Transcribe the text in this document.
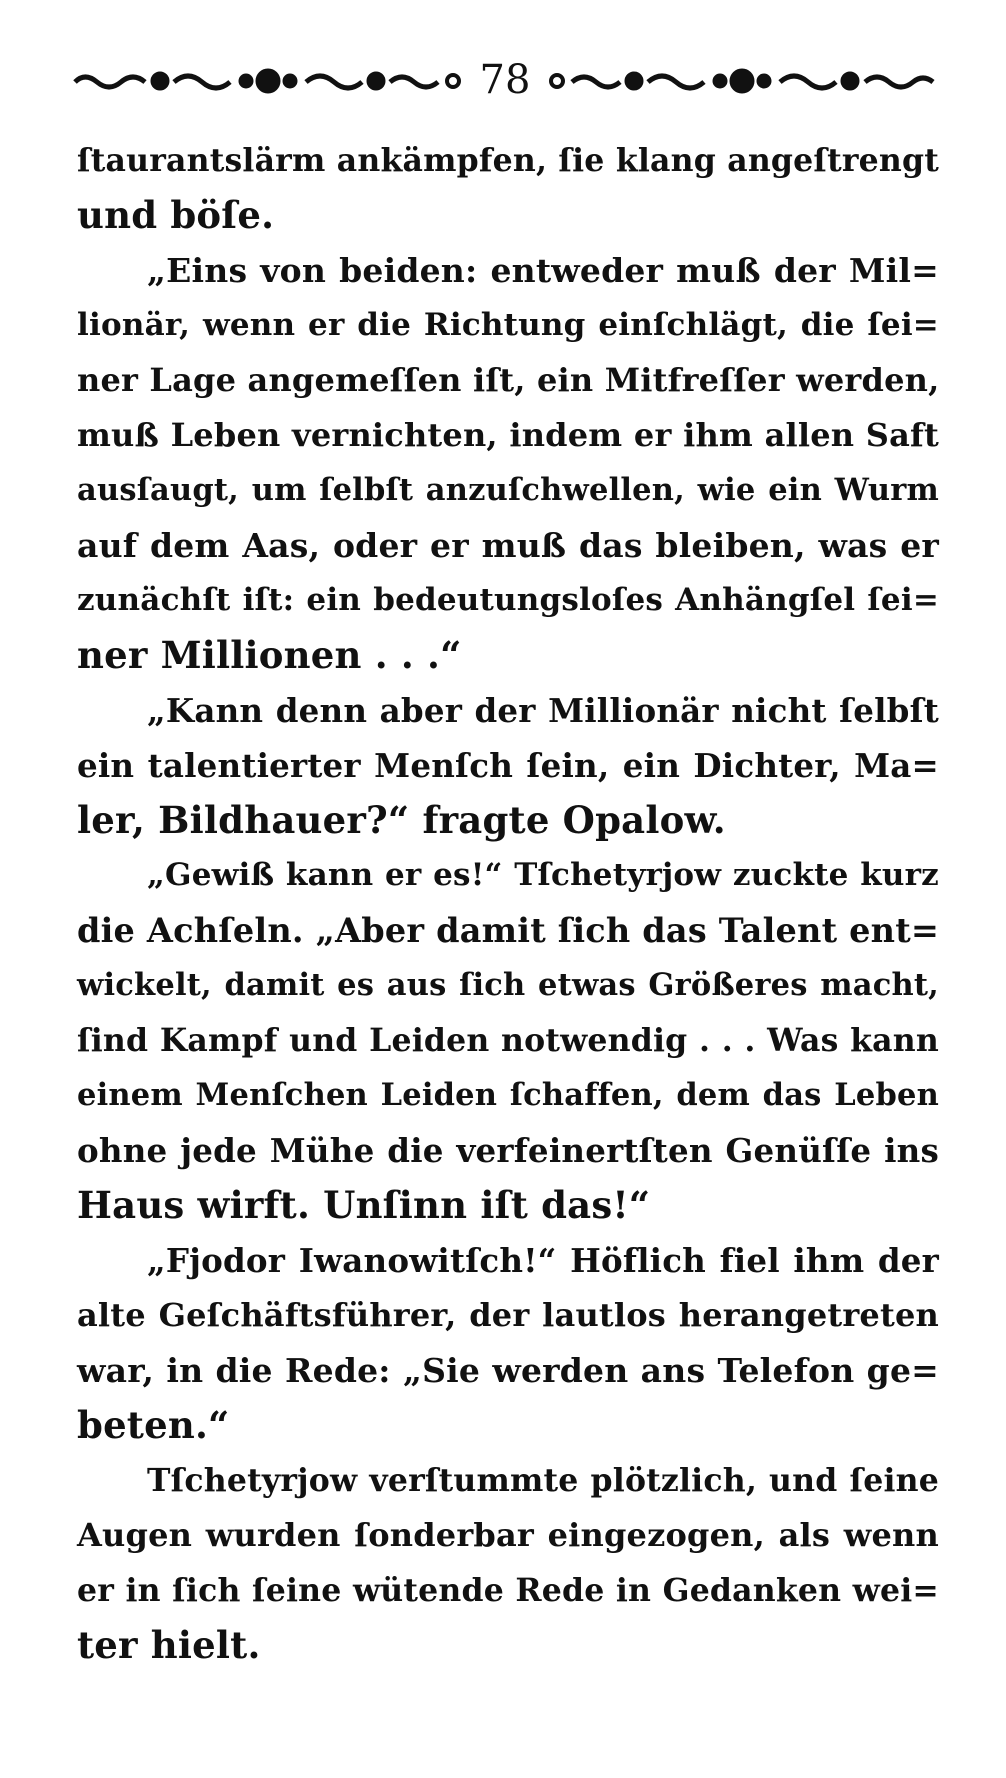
78
ſtaurantslärm ankämpfen, ſie klang angeſtrengt
und böſe.
„Eins von beiden: entweder muß der Mil=
lionär, wenn er die Richtung einſchlägt, die ſei=
ner Lage angemeſſen iſt, ein Mitfreſſer werden,
muß Leben vernichten, indem er ihm allen Saft
ausſaugt, um ſelbſt anzuſchwellen, wie ein Wurm
auf dem Aas, oder er muß das bleiben, was er
zunächſt iſt: ein bedeutungsloſes Anhängſel ſei=
ner Millionen . . .“
„Kann denn aber der Millionär nicht ſelbſt
ein talentierter Menſch ſein, ein Dichter, Ma=
ler, Bildhauer?“ fragte Opalow.
„Gewiß kann er es!“ Tſchetyrjow zuckte kurz
die Achſeln. „Aber damit ſich das Talent ent=
wickelt, damit es aus ſich etwas Größeres macht,
ſind Kampf und Leiden notwendig . . . Was kann
einem Menſchen Leiden ſchaffen, dem das Leben
ohne jede Mühe die verfeinertſten Genüſſe ins
Haus wirft. Unſinn iſt das!“
„Fjodor Iwanowitſch!“ Höflich fiel ihm der
alte Geſchäftsführer, der lautlos herangetreten
war, in die Rede: „Sie werden ans Telefon ge=
beten.“
Tſchetyrjow verſtummte plötzlich, und ſeine
Augen wurden ſonderbar eingezogen, als wenn
er in ſich ſeine wütende Rede in Gedanken wei=
ter hielt.
